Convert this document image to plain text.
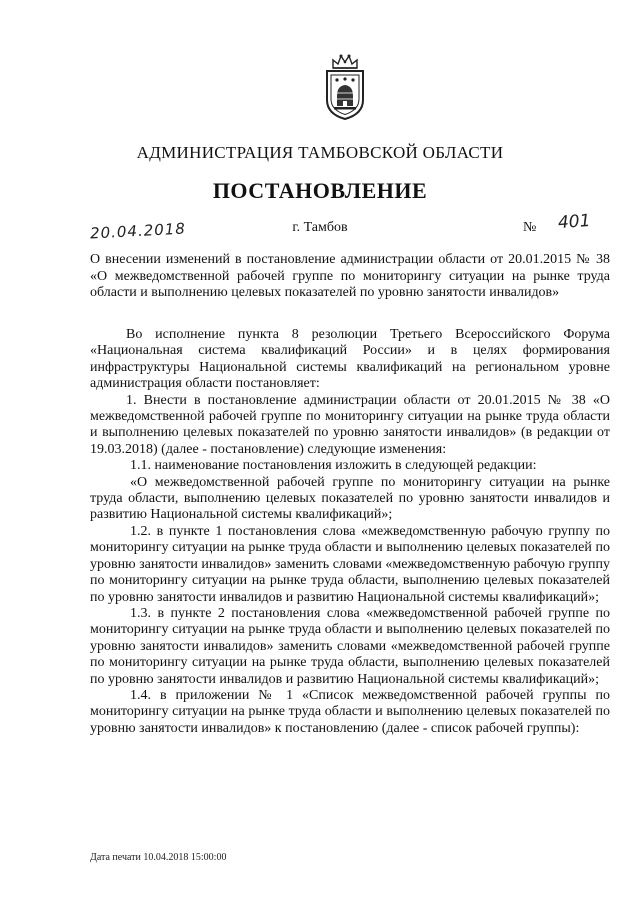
АДМИНИСТРАЦИЯ ТАМБОВСКОЙ ОБЛАСТИ
ПОСТАНОВЛЕНИЕ
20.04.2018	г. Тамбов	№ 401
О внесении изменений в постановление администрации области от 20.01.2015 № 38 «О межведомственной рабочей группе по мониторингу ситуации на рынке труда области и выполнению целевых показателей по уровню занятости инвалидов»

Во исполнение пункта 8 резолюции Третьего Всероссийского Форума «Национальная система квалификаций России» и в целях формирования инфраструктуры Национальной системы квалификаций на региональном уровне администрация области постановляет:

1. Внести в постановление администрации области от 20.01.2015 № 38 «О межведомственной рабочей группе по мониторингу ситуации на рынке труда области и выполнению целевых показателей по уровню занятости инвалидов» (в редакции от 19.03.2018) (далее - постановление) следующие изменения:

1.1. наименование постановления изложить в следующей редакции:

«О межведомственной рабочей группе по мониторингу ситуации на рынке труда области, выполнению целевых показателей по уровню занятости инвалидов и развитию Национальной системы квалификаций»;

1.2. в пункте 1 постановления слова «межведомственную рабочую группу по мониторингу ситуации на рынке труда области и выполнению целевых показателей по уровню занятости инвалидов» заменить словами «межведомственную рабочую группу по мониторингу ситуации на рынке труда области, выполнению целевых показателей по уровню занятости инвалидов и развитию Национальной системы квалификаций»;

1.3. в пункте 2 постановления слова «межведомственной рабочей группе по мониторингу ситуации на рынке труда области и выполнению целевых показателей по уровню занятости инвалидов» заменить словами «межведомственной рабочей группе по мониторингу ситуации на рынке труда области, выполнению целевых показателей по уровню занятости инвалидов и развитию Национальной системы квалификаций»;

1.4. в приложении № 1 «Список межведомственной рабочей группы по мониторингу ситуации на рынке труда области и выполнению целевых показателей по уровню занятости инвалидов» к постановлению (далее - список рабочей группы):

Дата печати 10.04.2018 15:00:00
